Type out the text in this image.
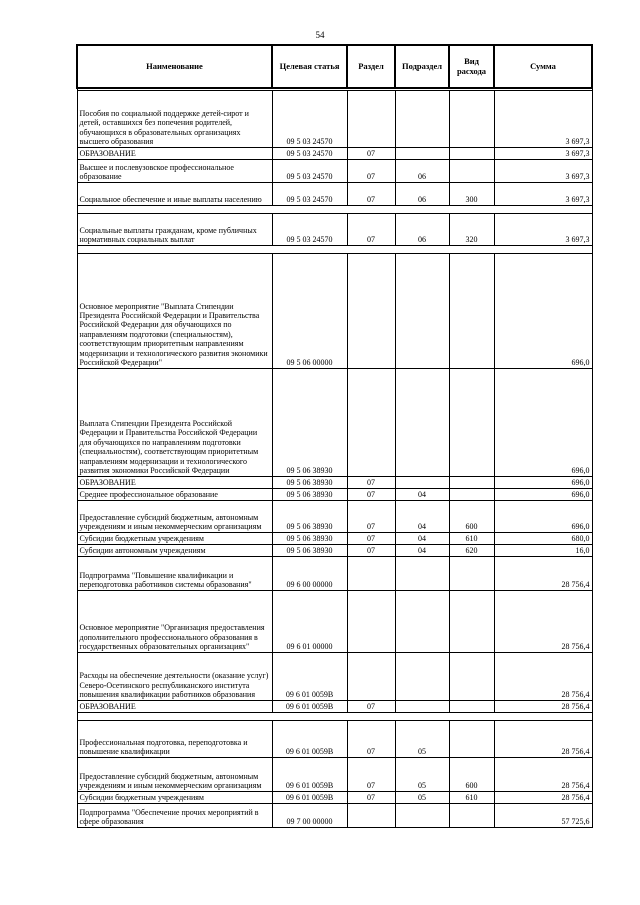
54
Наименование	Целевая статья	Раздел	Подраздел	Вид расхода	Сумма

Пособия по социальной поддержке детей-сирот и детей, оставшихся без попечения родителей, обучающихся в образовательных организациях высшего образования	09 5 03 24570				3 697,3
ОБРАЗОВАНИЕ	09 5 03 24570	07			3 697,3
Высшее и послевузовское профессиональное образование	09 5 03 24570	07	06		3 697,3
Социальное обеспечение и иные выплаты населению	09 5 03 24570	07	06	300	3 697,3

Социальные выплаты гражданам, кроме публичных нормативных социальных выплат	09 5 03 24570	07	06	320	3 697,3

Основное мероприятие "Выплата Стипендии Президента Российской Федерации и Правительства Российской Федерации для обучающихся по направлениям подготовки (специальностям), соответствующим приоритетным направлениям модернизации и технологического развития экономики Российской Федерации"	09 5 06 00000				696,0
Выплата Стипендии Президента Российской Федерации и Правительства Российской Федерации для обучающихся по направлениям подготовки (специальностям), соответствующим приоритетным направлениям модернизации и технологического развития экономики Российской Федерации	09 5 06 38930				696,0
ОБРАЗОВАНИЕ	09 5 06 38930	07			696,0
Среднее профессиональное образование	09 5 06 38930	07	04		696,0
Предоставление субсидий бюджетным, автономным учреждениям и иным некоммерческим организациям	09 5 06 38930	07	04	600	696,0
Субсидии бюджетным учреждениям	09 5 06 38930	07	04	610	680,0
Субсидии автономным учреждениям	09 5 06 38930	07	04	620	16,0
Подпрограмма "Повышение квалификации и переподготовка работников системы образования"	09 6 00 00000				28 756,4
Основное мероприятие "Организация предоставления дополнительного профессионального образования в государственных образовательных организациях"	09 6 01 00000				28 756,4
Расходы на обеспечение деятельности (оказание услуг) Северо-Осетинского республиканского института повышения квалификации работников образования	09 6 01 0059В				28 756,4
ОБРАЗОВАНИЕ	09 6 01 0059В	07			28 756,4

Профессиональная подготовка, переподготовка и повышение квалификации	09 6 01 0059В	07	05		28 756,4
Предоставление субсидий бюджетным, автономным учреждениям и иным некоммерческим организациям	09 6 01 0059В	07	05	600	28 756,4
Субсидии бюджетным учреждениям	09 6 01 0059В	07	05	610	28 756,4
Подпрограмма "Обеспечение прочих мероприятий в сфере образования	09 7 00 00000				57 725,6
